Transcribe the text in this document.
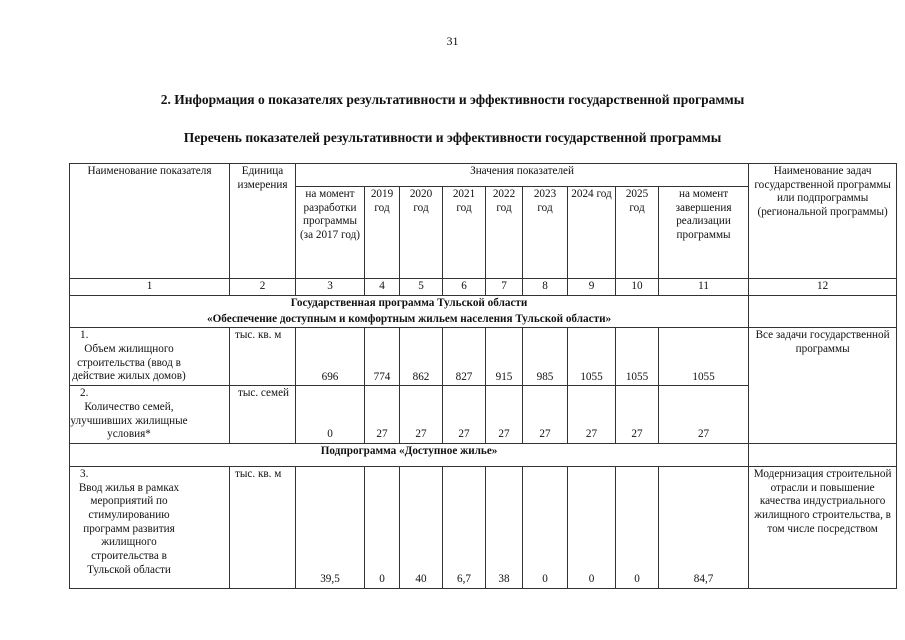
31
2. Информация о показателях результативности и эффективности государственной программы
Перечень показателей результативности и эффективности государственной программы
Наименование показателя	Единица измерения	Значения показателей									Наименование задач государственной программы или подпрограммы (региональной программы)
		на момент разработки программы (за 2017 год)	2019 год	2020 год	2021 год	2022 год	2023 год	2024 год	2025 год	на момент завершения реализации программы	
1	2	3	4	5	6	7	8	9	10	11	12
Государственная программа Тульской области											
«Обеспечение доступным и комфортным жильем населения Тульской области»											
1.Объем жилищного строительства (ввод в действие жилых домов)	тыс. кв. м	696	774	862	827	915	985	1055	1055	1055	Все задачи государственной программы
2.Количество семей, улучшивших жилищные условия*	тыс. семей	0	27	27	27	27	27	27	27	27	
Подпрограмма «Доступное жилье»											
3.Ввод жилья в рамках мероприятий по стимулированию программ развития жилищного строительства в Тульской области	тыс. кв. м	39,5	0	40	6,7	38	0	0	0	84,7	Модернизация строительной отрасли и повышение качества индустриального жилищного строительства, в том числе посредством
